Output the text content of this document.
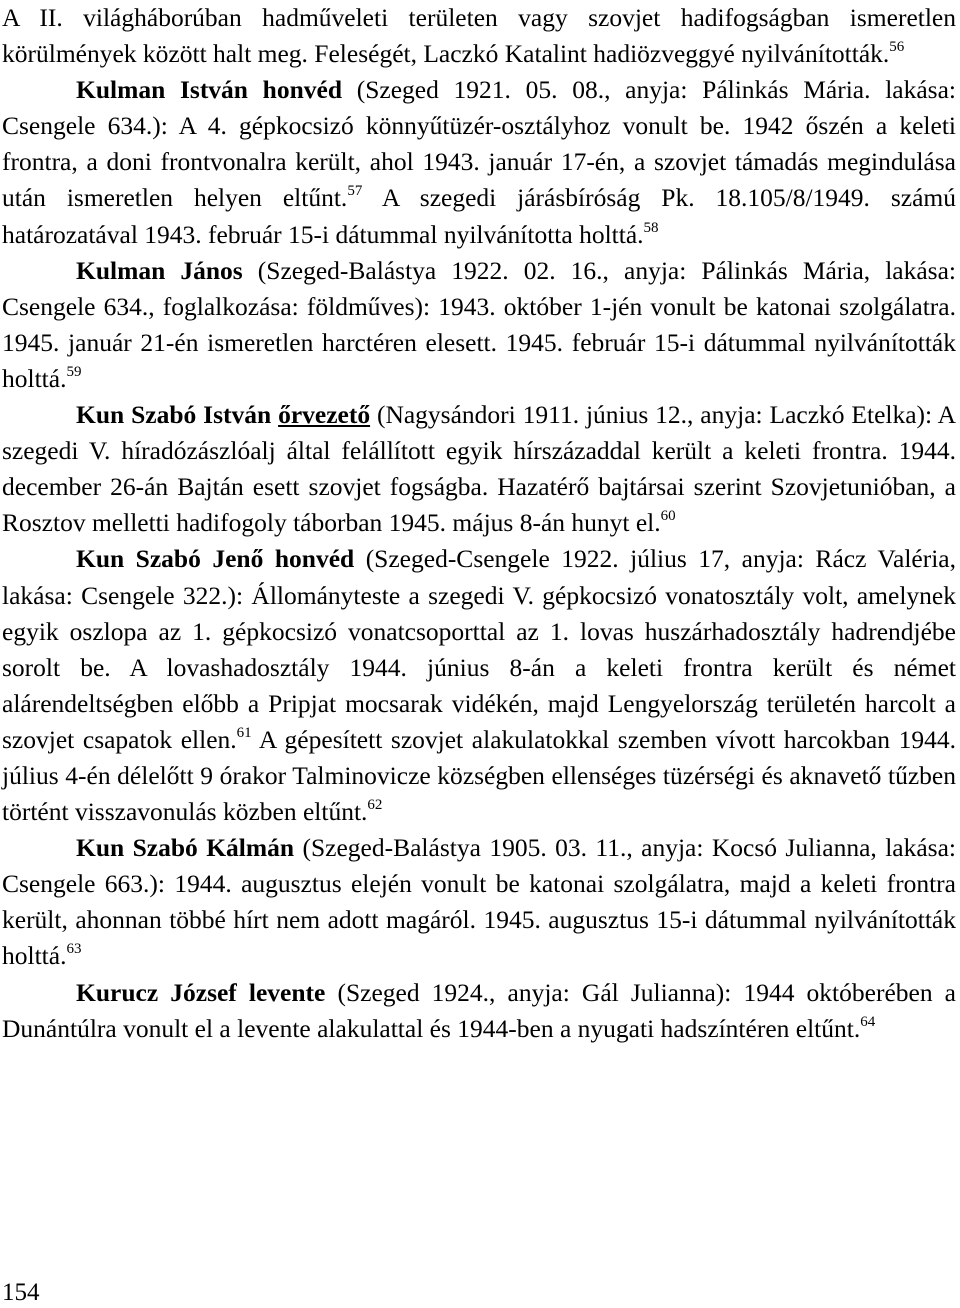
A II. világháborúban hadműveleti területen vagy szovjet hadifogságban ismeretlen körülmények között halt meg. Feleségét, Laczkó Katalint hadiözveggyé nyilvánították.$^{56}$

Kulman István honvéd (Szeged 1921. 05. 08., anyja: Pálinkás Mária. lakása: Csengele 634.): A 4. gépkocsizó könnyűtüzér-osztályhoz vonult be. 1942 őszén a keleti frontra, a doni frontvonalra került, ahol 1943. január 17-én, a szovjet támadás megindulása után ismeretlen helyen eltűnt.$^{57}$ A szegedi járásbíróság Pk. 18.105/8/1949. számú határozatával 1943. február 15-i dátummal nyilvánította holttá.$^{58}$

Kulman János (Szeged-Balástya 1922. 02. 16., anyja: Pálinkás Mária, lakása: Csengele 634., foglalkozása: földműves): 1943. október 1-jén vonult be katonai szolgálatra. 1945. január 21-én ismeretlen harctéren elesett. 1945. február 15-i dátummal nyilvánították holttá.$^{59}$

Kun Szabó István őrvezető (Nagysándori 1911. június 12., anyja: Laczkó Etelka): A szegedi V. híradózászlóalj által felállított egyik hírszázaddal került a keleti frontra. 1944. december 26-án Bajtán esett szovjet fogságba. Hazatérő bajtársai szerint Szovjetunióban, a Rosztov melletti hadifogoly táborban 1945. május 8-án hunyt el.$^{60}$

Kun Szabó Jenő honvéd (Szeged-Csengele 1922. július 17, anyja: Rácz Valéria, lakása: Csengele 322.): Állományteste a szegedi V. gépkocsizó vonatosztály volt, amelynek egyik oszlopa az 1. gépkocsizó vonatcsoporttal az 1. lovas huszárhadosztály hadrendjébe sorolt be. A lovashadosztály 1944. június 8-án a keleti frontra került és német alárendeltségben előbb a Pripjat mocsarak vidékén, majd Lengyelország területén harcolt a szovjet csapatok ellen.$^{61}$ A gépesített szovjet alakulatokkal szemben vívott harcokban 1944. július 4-én délelőtt 9 órakor Talminovicze községben ellenséges tüzérségi és aknavető tűzben történt visszavonulás közben eltűnt.$^{62}$

Kun Szabó Kálmán (Szeged-Balástya 1905. 03. 11., anyja: Kocsó Julianna, lakása: Csengele 663.): 1944. augusztus elején vonult be katonai szolgálatra, majd a keleti frontra került, ahonnan többé hírt nem adott magáról. 1945. augusztus 15-i dátummal nyilvánították holttá.$^{63}$

Kurucz József levente (Szeged 1924., anyja: Gál Julianna): 1944 októberében a Dunántúlra vonult el a levente alakulattal és 1944-ben a nyugati hadszíntéren eltűnt.$^{64}$

154
